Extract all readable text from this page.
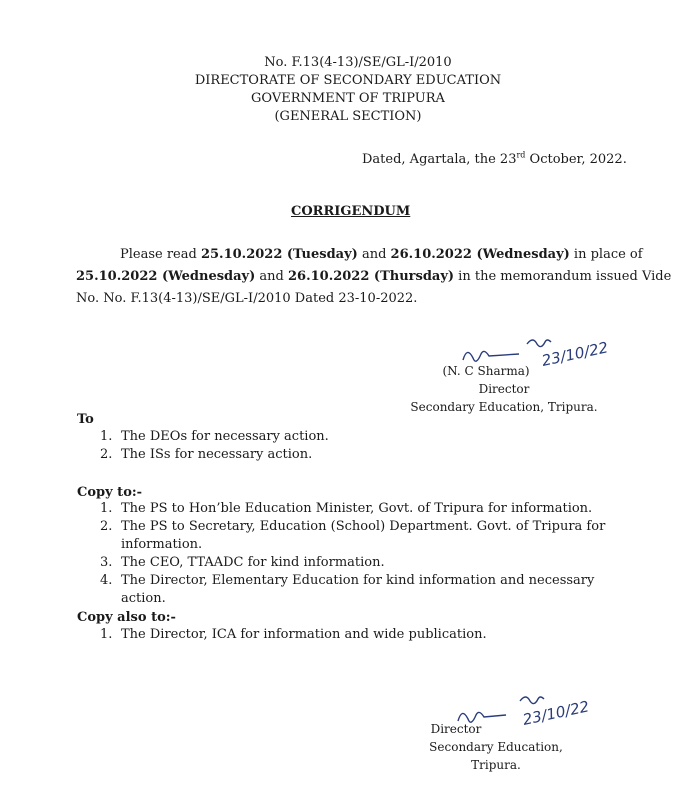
No. F.13(4-13)/SE/GL-I/2010
DIRECTORATE OF SECONDARY EDUCATION
GOVERNMENT OF TRIPURA
(GENERAL SECTION)
Dated, Agartala, the 23rd October, 2022.
CORRIGENDUM
Please read 25.10.2022 (Tuesday) and 26.10.2022 (Wednesday) in place of
25.10.2022 (Wednesday) and 26.10.2022 (Thursday) in the memorandum issued Vide
No. No. F.13(4-13)/SE/GL-I/2010 Dated 23-10-2022.
23/10/22
(N. C Sharma)
Director
Secondary Education, Tripura.
To
1. The DEOs for necessary action.
2. The ISs for necessary action.
Copy to:-
1. The PS to Hon’ble Education Minister, Govt. of Tripura for information.
2. The PS to Secretary, Education (School) Department. Govt. of Tripura for
information.
3. The CEO, TTAADC for kind information.
4. The Director, Elementary Education for kind information and necessary
action.
Copy also to:-
1. The Director, ICA for information and wide publication.
23/10/22
Director
Secondary Education, Tripura.
